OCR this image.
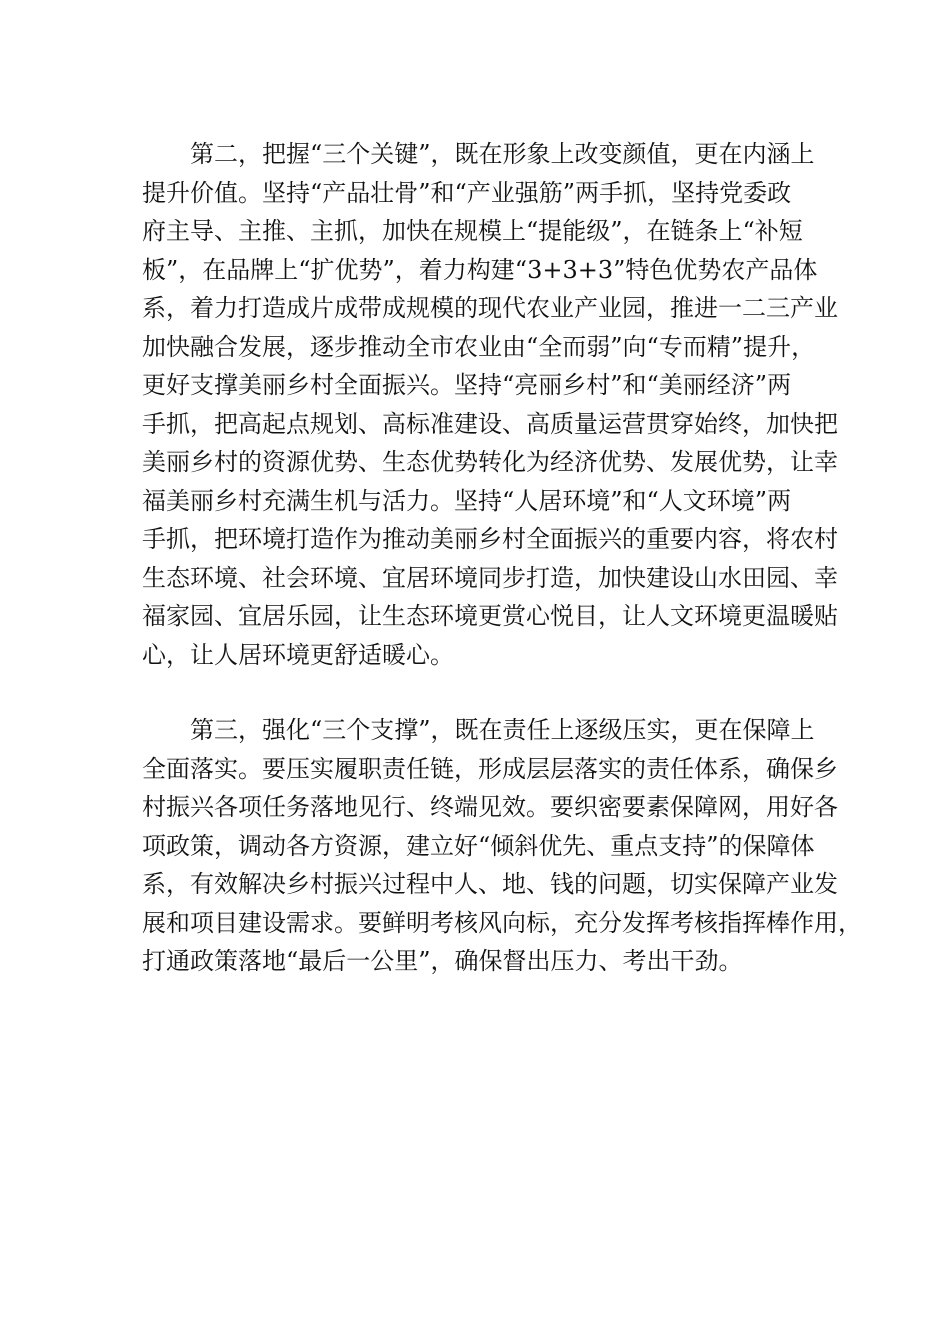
　　第二，把握“三个关键”，既在形象上改变颜值，更在内涵上
提升价值。坚持“产品壮骨”和“产业强筋”两手抓，坚持党委政
府主导、主推、主抓，加快在规模上“提能级”，在链条上“补短
板”，在品牌上“扩优势”，着力构建“3+3+3”特色优势农产品体
系，着力打造成片成带成规模的现代农业产业园，推进一二三产业
加快融合发展，逐步推动全市农业由“全而弱”向“专而精”提升，
更好支撑美丽乡村全面振兴。坚持“亮丽乡村”和“美丽经济”两
手抓，把高起点规划、高标准建设、高质量运营贯穿始终，加快把
美丽乡村的资源优势、生态优势转化为经济优势、发展优势，让幸
福美丽乡村充满生机与活力。坚持“人居环境”和“人文环境”两
手抓，把环境打造作为推动美丽乡村全面振兴的重要内容，将农村
生态环境、社会环境、宜居环境同步打造，加快建设山水田园、幸
福家园、宜居乐园，让生态环境更赏心悦目，让人文环境更温暖贴
心，让人居环境更舒适暖心。
　　第三，强化“三个支撑”，既在责任上逐级压实，更在保障上
全面落实。要压实履职责任链，形成层层落实的责任体系，确保乡
村振兴各项任务落地见行、终端见效。要织密要素保障网，用好各
项政策，调动各方资源，建立好“倾斜优先、重点支持”的保障体
系，有效解决乡村振兴过程中人、地、钱的问题，切实保障产业发
展和项目建设需求。要鲜明考核风向标，充分发挥考核指挥棒作用，
打通政策落地“最后一公里”，确保督出压力、考出干劲。
